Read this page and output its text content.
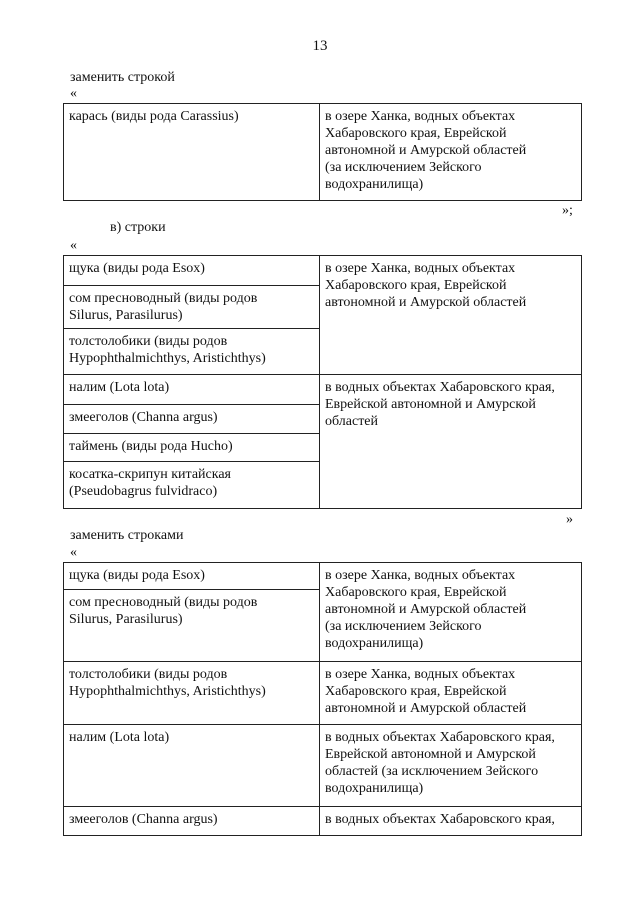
13
заменить строкой
«
карась (виды рода Carassius)	в озере Ханка, водных объектах
Хабаровского края, Еврейской
автономной и Амурской областей
(за исключением Зейского
водохранилища)
»;
в) строки
«
щука (виды рода Esox)	в озере Ханка, водных объектах
Хабаровского края, Еврейской
автономной и Амурской областей
сом пресноводный (виды родов
Silurus, Parasilurus)	
толстолобики (виды родов
Hypophthalmichthys, Aristichthys)	
налим (Lota lota)	в водных объектах Хабаровского края,
Еврейской автономной и Амурской
областей
змееголов (Channa argus)	
таймень (виды рода Hucho)	
косатка-скрипун китайская
(Pseudobagrus fulvidraco)	
»
заменить строками
«
щука (виды рода Esox)	в озере Ханка, водных объектах
Хабаровского края, Еврейской
автономной и Амурской областей
(за исключением Зейского
водохранилища)
сом пресноводный (виды родов
Silurus, Parasilurus)	
толстолобики (виды родов
Hypophthalmichthys, Aristichthys)	в озере Ханка, водных объектах
Хабаровского края, Еврейской
автономной и Амурской областей
налим (Lota lota)	в водных объектах Хабаровского края,
Еврейской автономной и Амурской
областей (за исключением Зейского
водохранилища)
змееголов (Channa argus)	в водных объектах Хабаровского края,
